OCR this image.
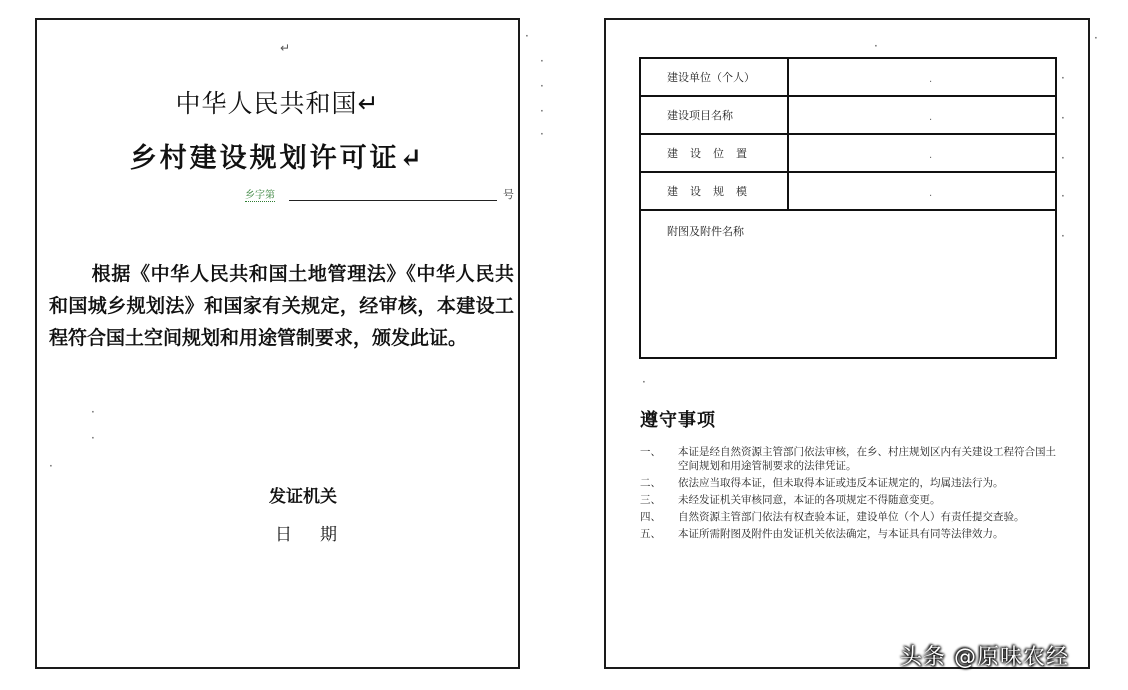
↵
中华人民共和国↵
乡村建设规划许可证↵
乡字第	号
根据《中华人民共和国土地管理法》《中华人民共和国城乡规划法》和国家有关规定，经审核，本建设工程符合国土空间规划和用途管制要求，颁发此证。
·
·
·
发证机关
日期
·
·
·
·
·
·
建设单位（个人）	·

建设项目名称	·

建设位置	·

建设规模	·

附图及附件名称	
·
·
·
·
·
·
遵守事项
一、 本证是经自然资源主管部门依法审核，在乡、村庄规划区内有关建设工程符合国土空间规划和用途管制要求的法律凭证。
二、 依法应当取得本证，但未取得本证或违反本证规定的，均属违法行为。
三、 未经发证机关审核同意，本证的各项规定不得随意变更。
四、 自然资源主管部门依法有权查验本证，建设单位（个人）有责任提交查验。
五、 本证所需附图及附件由发证机关依法确定，与本证具有同等法律效力。
·
头条 @原味农经
